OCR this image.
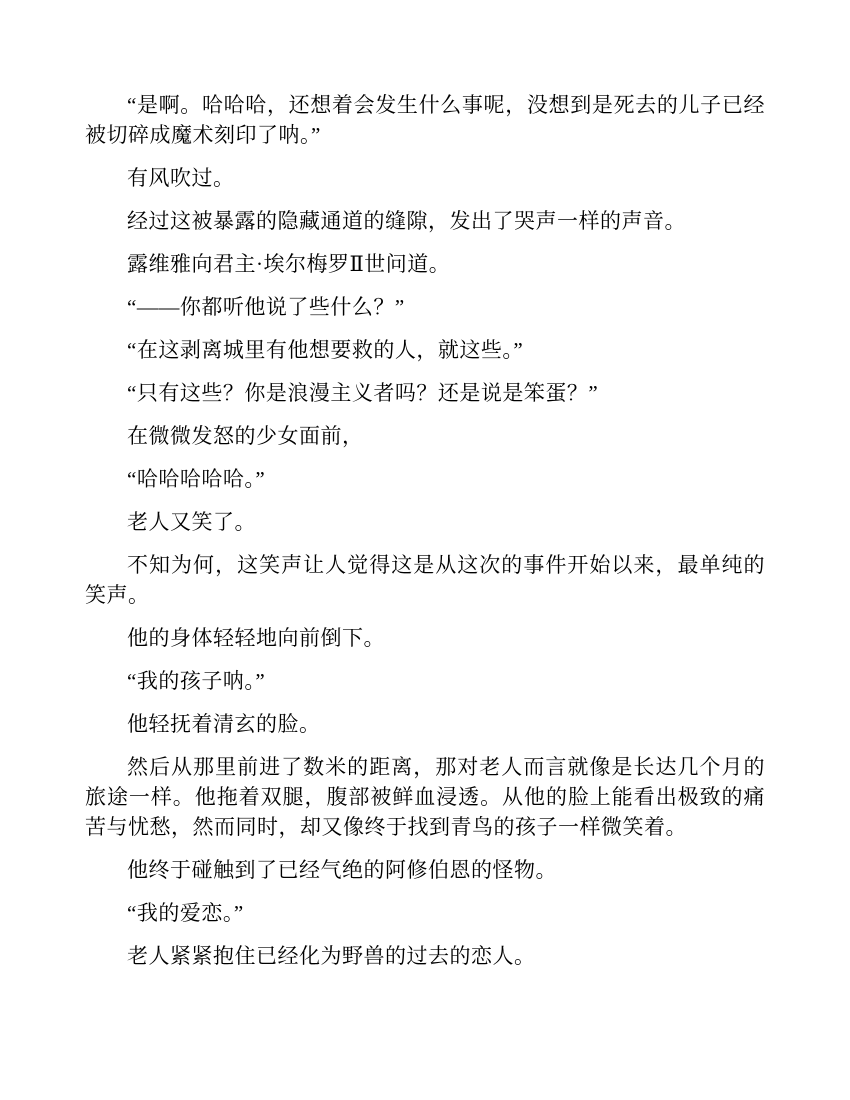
“是啊。哈哈哈，还想着会发生什么事呢，没想到是死去的儿子已经被切碎成魔术刻印了呐。”

有风吹过。

经过这被暴露的隐藏通道的缝隙，发出了哭声一样的声音。

露维雅向君主·埃尔梅罗Ⅱ世问道。

“——你都听他说了些什么？”

“在这剥离城里有他想要救的人，就这些。”

“只有这些？你是浪漫主义者吗？还是说是笨蛋？”

在微微发怒的少女面前，

“哈哈哈哈哈。”

老人又笑了。

不知为何，这笑声让人觉得这是从这次的事件开始以来，最单纯的笑声。

他的身体轻轻地向前倒下。

“我的孩子呐。”

他轻抚着清玄的脸。

然后从那里前进了数米的距离，那对老人而言就像是长达几个月的旅途一样。他拖着双腿，腹部被鲜血浸透。从他的脸上能看出极致的痛苦与忧愁，然而同时，却又像终于找到青鸟的孩子一样微笑着。

他终于碰触到了已经气绝的阿修伯恩的怪物。

“我的爱恋。”

老人紧紧抱住已经化为野兽的过去的恋人。
